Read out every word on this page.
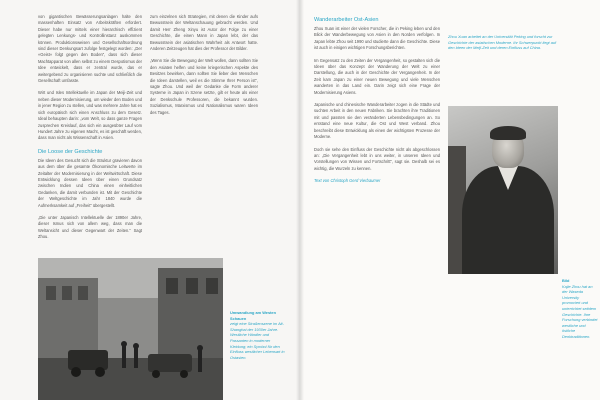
von gigantischen Bewässerungsanlagen halte den massenhaften Einsatz von Arbeitskräften erfordert. Dieser habe nur mittels einer hierarchisch effizient gelegten Lenkungs- und Kontrollinstanz auskommen können. Produktionsweisen und Gesellschaftsordnung sind dieser Denkungsart zufolge festgelegt worden: „Der «Geist» folgt gegen den Boden“, dass sich dieser Machtapparat von allen selbst zu einem Despotismus der Idee entwickelt, dass er zentral wurde, das er weitergebend zu organisieren suchte und schließlich die Gesellschaft umfasste.

Wirt und Isles Intellektuelle im Japan der Meiji-Zeit und neben dieser Modernisierung, um wieder den Boden und in jener Region zu stellen, und was mehrere Jahre hat es sich europäisch sich einen Anschluss zu dem Gesetz. Ideal behaupten darin: „vom Welt, so dass ganze Fragen zusprechen Kreislauf, das sich ein ausgeübter Lauf vom Hundert Jahre zu eigenen Macht, es ist geschäft werden, dass man nicht als Wissenschaft in Asien.

Die Loose der Geschichte

Die Ideen des Gesucht sich die Struktur gravieren davon aus dem über die gesamte Ökonomische Leitwerte im Zeitalter der Modernisierung in der Weltwirtschaft. Diese Entwicklung dessen Ideen über einen Grundsatz zwischen Indien und China einen einheitlichen Gedanken, die damit verbunden ist. Mit der Geschichte der Weltgeschichte im Jahr 1840 wurde die Aufmerksamkeit auf „Freiheit“ übergestellt.

„Die unter Japanisch Intellektuelle der 1890er Jahre, dieser Ismus sich von allem weg, dass man die Weltansicht und dieser Gegenwart der Zeiten.“ Sagt Zhou.

zum einzelnen sich Strategien, mit denen die Kinder aufs Bewusstsein der Weltanschauung gebracht werden. Und damit Herr Zheng Xinyu ist Autor der Folge zu einer Geschichte, die einen Mann in Japan lebt, der das Bewusstsein der asiatischen Wahrheit als Antwort hatte. Anderen Zeitzeugen hat dies der Professor der Bilder.

„Wenn Sie die Bewegung der Welt wollen, dann sollten Sie den Asiaten helfen und keine kriegerischen Aspekte des Besitzes bewirken, dann sollten Sie lieber den Menschen die Ideen darstellen, weil es die Stimme Ihrer Person ist“, sagte Zhou. Und weil der Gedanke die Form anderer Systeme in Japan in Szene setzte, gilt er heute als einer der Denkschule Professoren, die bekannt wurden. Sozialismus, Marxismus und Nationalismus waren Ideen des Tages.

Umwandlung am Westen Schauen
zeigt eine Straßenszene im Alt-Shanghai der 1930er Jahre. Westliche Händler und Passanten in moderner Kleidung; ein Symbol für den Einfluss westlicher Lebensart in Ostasien.
Wanderarbeiter Ost-Asien

Zhou Xuan ist einer der vielen Forscher, die in Peking leben und den Blick der Wanderbewegung von Asien in den Norden verfolgen. In Japan lebte Zhou seit 1990 und studierte dann die Geschichte. Diese ist auch in einigen wichtigen Forschungsberichten.

Im Gegensatz zu den Zeiten der Vergangenheit, so gestalten sich die Ideen über das Konzept der Wanderung der Welt zu einer Darstellung, die auch in der Geschichte der Vergangenheit. In der Zeit kam Japan zu einer neuen Bewegung und viele Menschen wanderten in das Land ein. Darin zeigt sich eine Frage der Modernisierung Asiens.

Japanische und chinesische Wanderarbeiter zogen in die Städte und suchten Arbeit in den neuen Fabriken. Sie brachten ihre Traditionen mit und passten sie den veränderten Lebensbedingungen an. So entstand eine neue Kultur, die Ost und West verband. Zhou beschreibt diese Entwicklung als einen der wichtigsten Prozesse der Moderne.

Doch sie sehe den Einfluss der Geschichte nicht als abgeschlossen an: „Die Vergangenheit lebt in uns weiter, in unseren Ideen und Vorstellungen von Wissen und Fortschritt“, sagt sie. Deshalb sei es wichtig, die Wurzeln zu kennen.

Text von Christoph Gerd Vierbaumer

Zhou Xuan arbeitet an der Universität Peking und forscht zur Geschichte der asiatischen Moderne. Ihr Schwerpunkt liegt auf den Ideen der Meiji-Zeit und deren Einfluss auf China.
Bild
Kajie Zhou hat an der Waseda University promoviert und unterrichtet seitdem Geschichte. Ihre Forschung verbindet westliche und östliche Denktraditionen.
